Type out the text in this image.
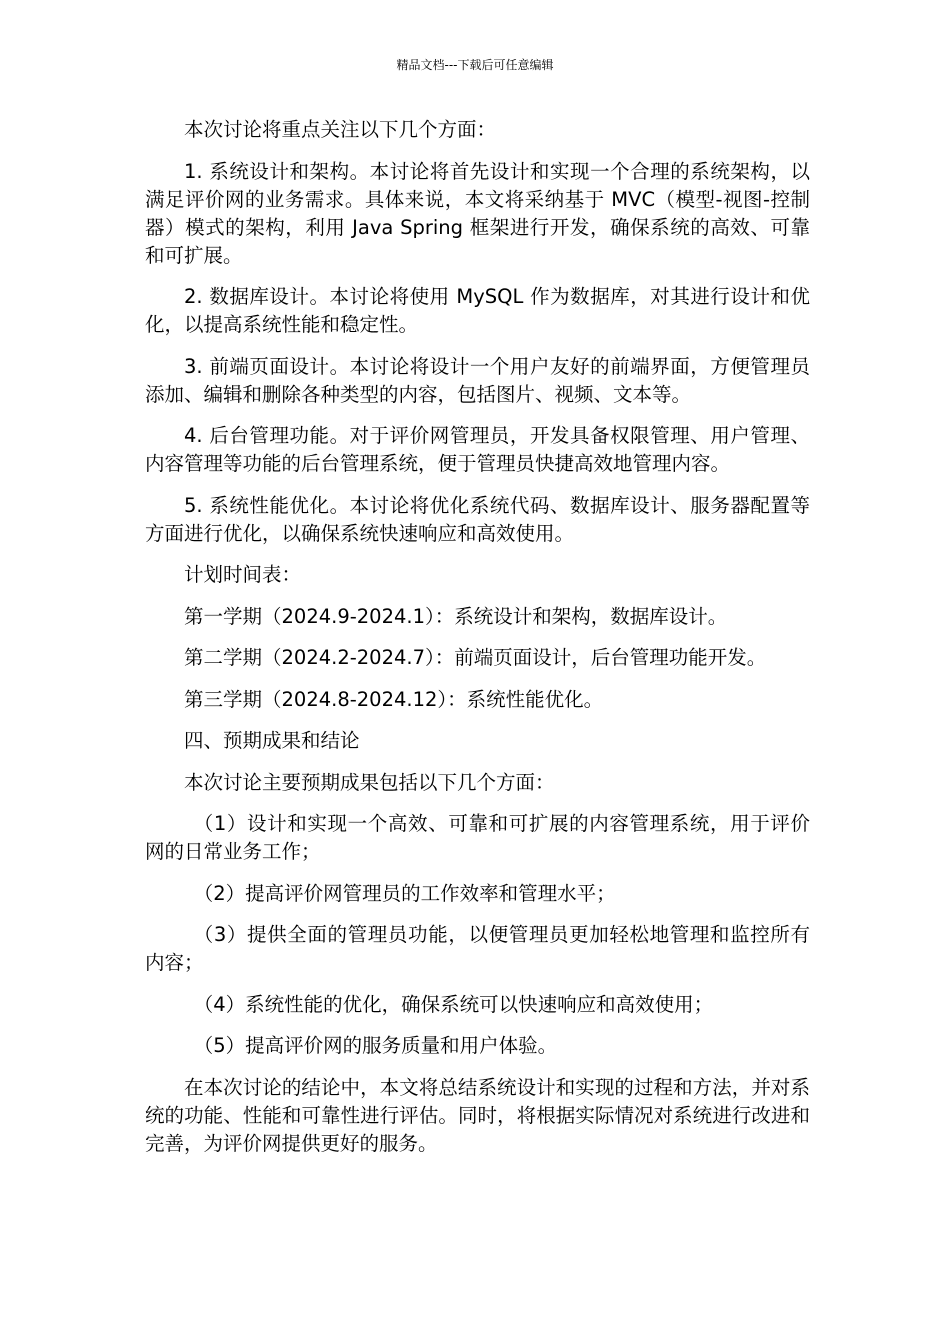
精品文档---下载后可任意编辑

本次讨论将重点关注以下几个方面：

1. 系统设计和架构。本讨论将首先设计和实现一个合理的系统架构，以满足评价网的业务需求。具体来说，本文将采纳基于 MVC（模型-视图-控制器）模式的架构，利用 Java Spring 框架进行开发，确保系统的高效、可靠和可扩展。

2. 数据库设计。本讨论将使用 MySQL 作为数据库，对其进行设计和优化，以提高系统性能和稳定性。

3. 前端页面设计。本讨论将设计一个用户友好的前端界面，方便管理员添加、编辑和删除各种类型的内容，包括图片、视频、文本等。

4. 后台管理功能。对于评价网管理员，开发具备权限管理、用户管理、内容管理等功能的后台管理系统，便于管理员快捷高效地管理内容。

5. 系统性能优化。本讨论将优化系统代码、数据库设计、服务器配置等方面进行优化，以确保系统快速响应和高效使用。

计划时间表：

第一学期（2024.9-2024.1）：系统设计和架构，数据库设计。

第二学期（2024.2-2024.7）：前端页面设计，后台管理功能开发。

第三学期（2024.8-2024.12）：系统性能优化。

四、预期成果和结论

本次讨论主要预期成果包括以下几个方面：

（1）设计和实现一个高效、可靠和可扩展的内容管理系统，用于评价网的日常业务工作；

（2）提高评价网管理员的工作效率和管理水平；

（3）提供全面的管理员功能，以便管理员更加轻松地管理和监控所有内容；

（4）系统性能的优化，确保系统可以快速响应和高效使用；

（5）提高评价网的服务质量和用户体验。

在本次讨论的结论中，本文将总结系统设计和实现的过程和方法，并对系统的功能、性能和可靠性进行评估。同时，将根据实际情况对系统进行改进和完善，为评价网提供更好的服务。
